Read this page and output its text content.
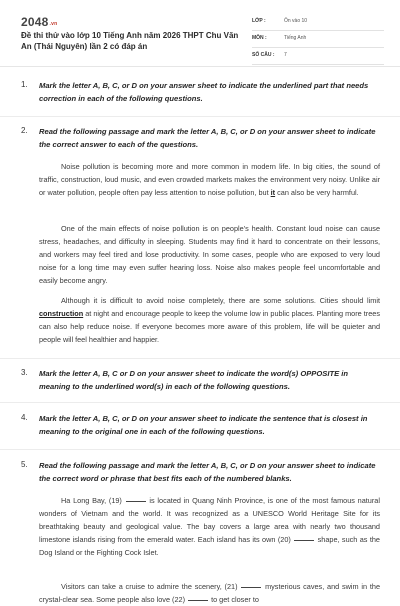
2048.vn
Đề thi thử vào lớp 10 Tiếng Anh năm 2026 THPT Chu Văn An (Thái Nguyên) lần 2 có đáp án
LỚP :	Ôn vào 10
MÔN :	Tiếng Anh
SỐ CÂU : 7
1. Mark the letter A, B, C, or D on your answer sheet to indicate the underlined part that needs correction in each of the following questions.
2. Read the following passage and mark the letter A, B, C, or D on your answer sheet to indicate the correct answer to each of the questions.
Noise pollution is becoming more and more common in modern life. In big cities, the sound of traffic, construction, loud music, and even crowded markets makes the environment very noisy. Unlike air or water pollution, people often pay less attention to noise pollution, but it can also be very harmful.
One of the main effects of noise pollution is on people's health. Constant loud noise can cause stress, headaches, and difficulty in sleeping. Students may find it hard to concentrate on their lessons, and workers may feel tired and lose productivity. In some cases, people who are exposed to very loud noise for a long time may even suffer hearing loss. Noise also makes people feel uncomfortable and easily become angry.
Although it is difficult to avoid noise completely, there are some solutions. Cities should limit construction at night and encourage people to keep the volume low in public places. Planting more trees can also help reduce noise. If everyone becomes more aware of this problem, life will be quieter and people will feel healthier and happier.
3. Mark the letter A, B, C or D on your answer sheet to indicate the word(s) OPPOSITE in meaning to the underlined word(s) in each of the following questions.
4. Mark the letter A, B, C, or D on your answer sheet to indicate the sentence that is closest in meaning to the original one in each of the following questions.
5. Read the following passage and mark the letter A, B, C, or D on your answer sheet to indicate the correct word or phrase that best fits each of the numbered blanks.
Ha Long Bay, (19)	is located in Quang Ninh Province, is one of the most famous natural wonders of Vietnam and the world. It was recognized as a UNESCO World Heritage Site for its breathtaking beauty and geological value. The bay covers a large area with nearly two thousand limestone islands rising from the emerald water. Each island has its own (20)	shape, such as the Dog Island or the Fighting Cock Islet.
Visitors can take a cruise to admire the scenery, (21)	mysterious caves, and swim in the crystal-clear sea. Some people also love (22)	to get closer to
